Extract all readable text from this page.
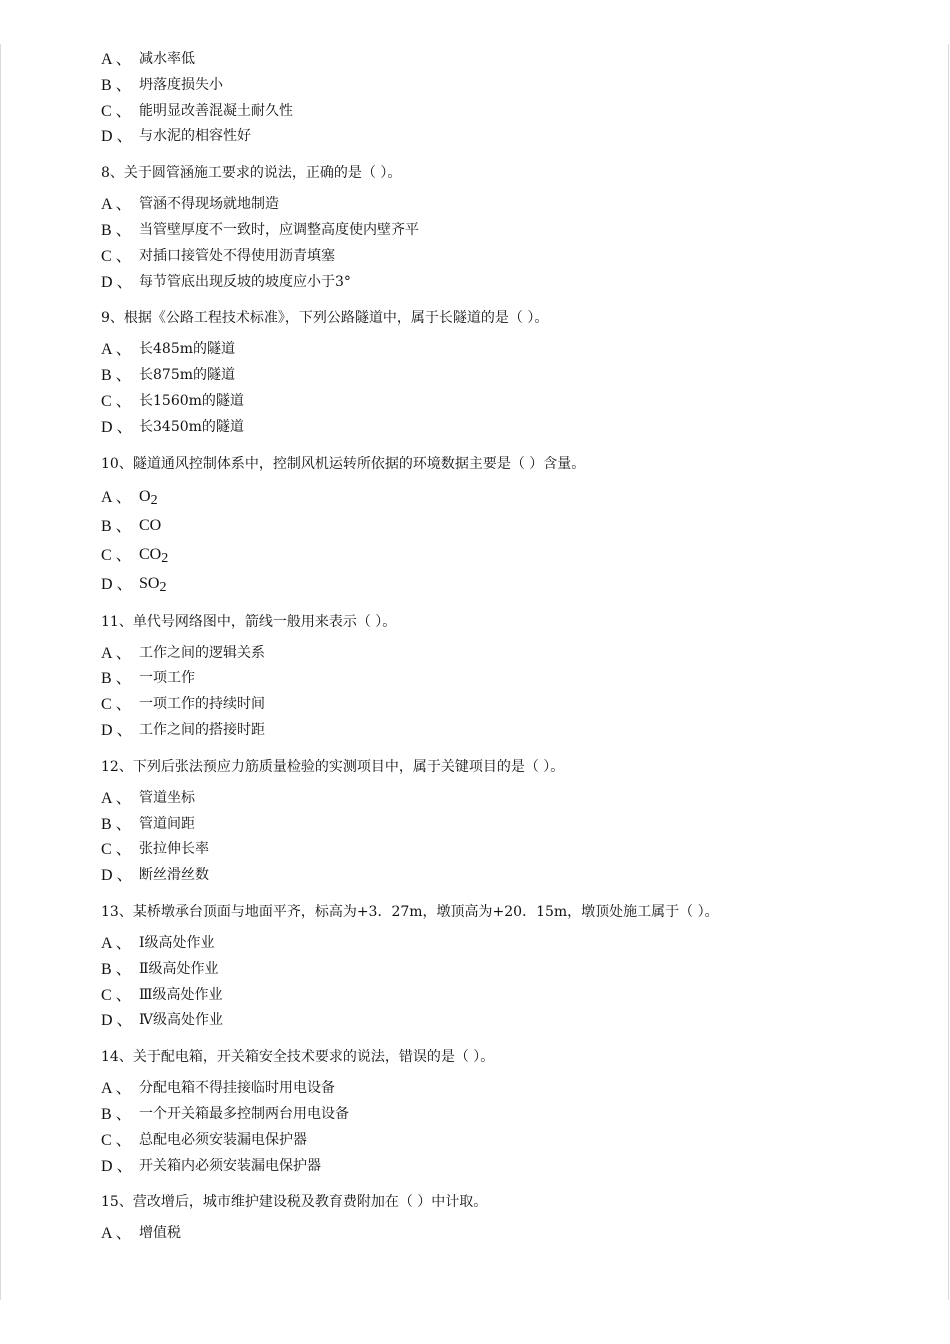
A 、 减水率低
B 、 坍落度损失小
C 、 能明显改善混凝土耐久性
D 、 与水泥的相容性好
8、关于圆管涵施工要求的说法，正确的是（ ）。
A 、 管涵不得现场就地制造
B 、 当管壁厚度不一致时，应调整高度使内壁齐平
C 、 对插口接管处不得使用沥青填塞
D 、 每节管底出现反坡的坡度应小于3°
9、根据《公路工程技术标准》，下列公路隧道中，属于长隧道的是（ ）。
A 、 长485m的隧道
B 、 长875m的隧道
C 、 长1560m的隧道
D 、 长3450m的隧道
10、隧道通风控制体系中，控制风机运转所依据的环境数据主要是（ ）含量。
A 、 O2
B 、 CO
C 、 CO2
D 、 SO2
11、单代号网络图中，箭线一般用来表示（ ）。
A 、 工作之间的逻辑关系
B 、 一项工作
C 、 一项工作的持续时间
D 、 工作之间的搭接时距
12、下列后张法预应力筋质量检验的实测项目中，属于关键项目的是（ ）。
A 、 管道坐标
B 、 管道间距
C 、 张拉伸长率
D 、 断丝滑丝数
13、某桥墩承台顶面与地面平齐，标高为+3．27m，墩顶高为+20．15m，墩顶处施工属于（ ）。
A 、 Ⅰ级高处作业
B 、 Ⅱ级高处作业
C 、 Ⅲ级高处作业
D 、 Ⅳ级高处作业
14、关于配电箱，开关箱安全技术要求的说法，错误的是（ ）。
A 、 分配电箱不得挂接临时用电设备
B 、 一个开关箱最多控制两台用电设备
C 、 总配电必须安装漏电保护器
D 、 开关箱内必须安装漏电保护器
15、营改增后，城市维护建设税及教育费附加在（ ）中计取。
A 、 增值税
